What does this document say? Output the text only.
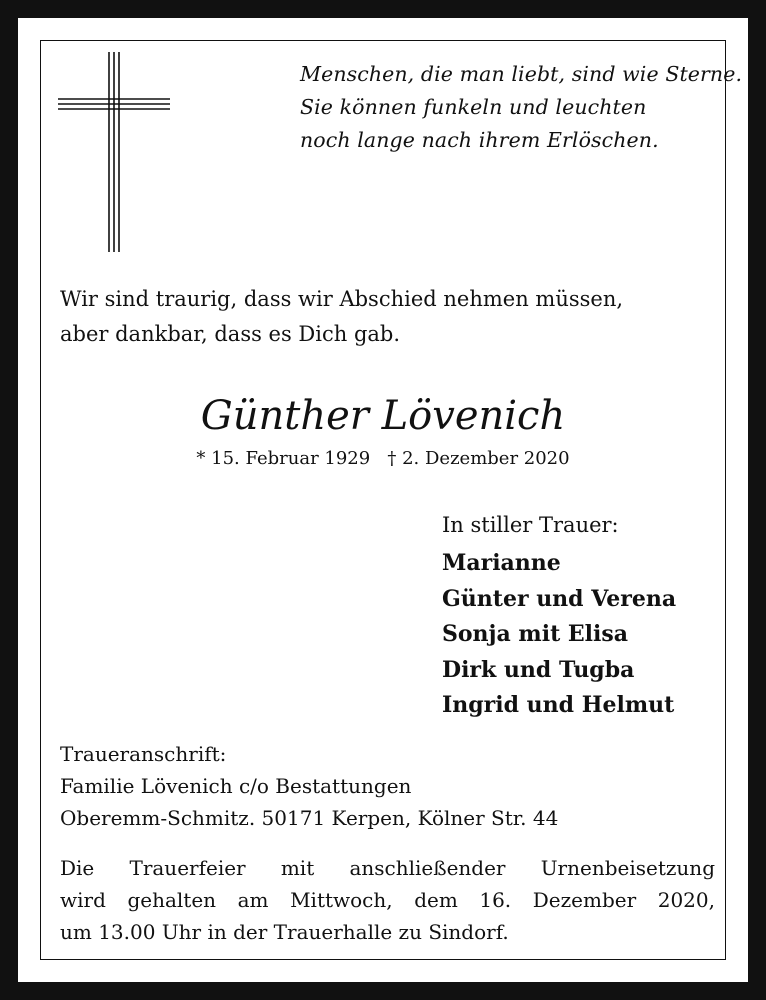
Menschen, die man liebt, sind wie Sterne.
Sie können funkeln und leuchten
noch lange nach ihrem Erlöschen.
Wir sind traurig, dass wir Abschied nehmen müssen,
aber dankbar, dass es Dich gab.
Günther Lövenich
* 15. Februar 1929 † 2. Dezember 2020
In stiller Trauer:
Marianne
Günter und Verena
Sonja mit Elisa
Dirk und Tugba
Ingrid und Helmut
Traueranschrift:
Familie Lövenich c/o Bestattungen
Oberemm-Schmitz. 50171 Kerpen, Kölner Str. 44
Die Trauerfeier mit anschließender Urnenbeisetzung
wird gehalten am Mittwoch, dem 16. Dezember 2020,
um 13.00 Uhr in der Trauerhalle zu Sindorf.
